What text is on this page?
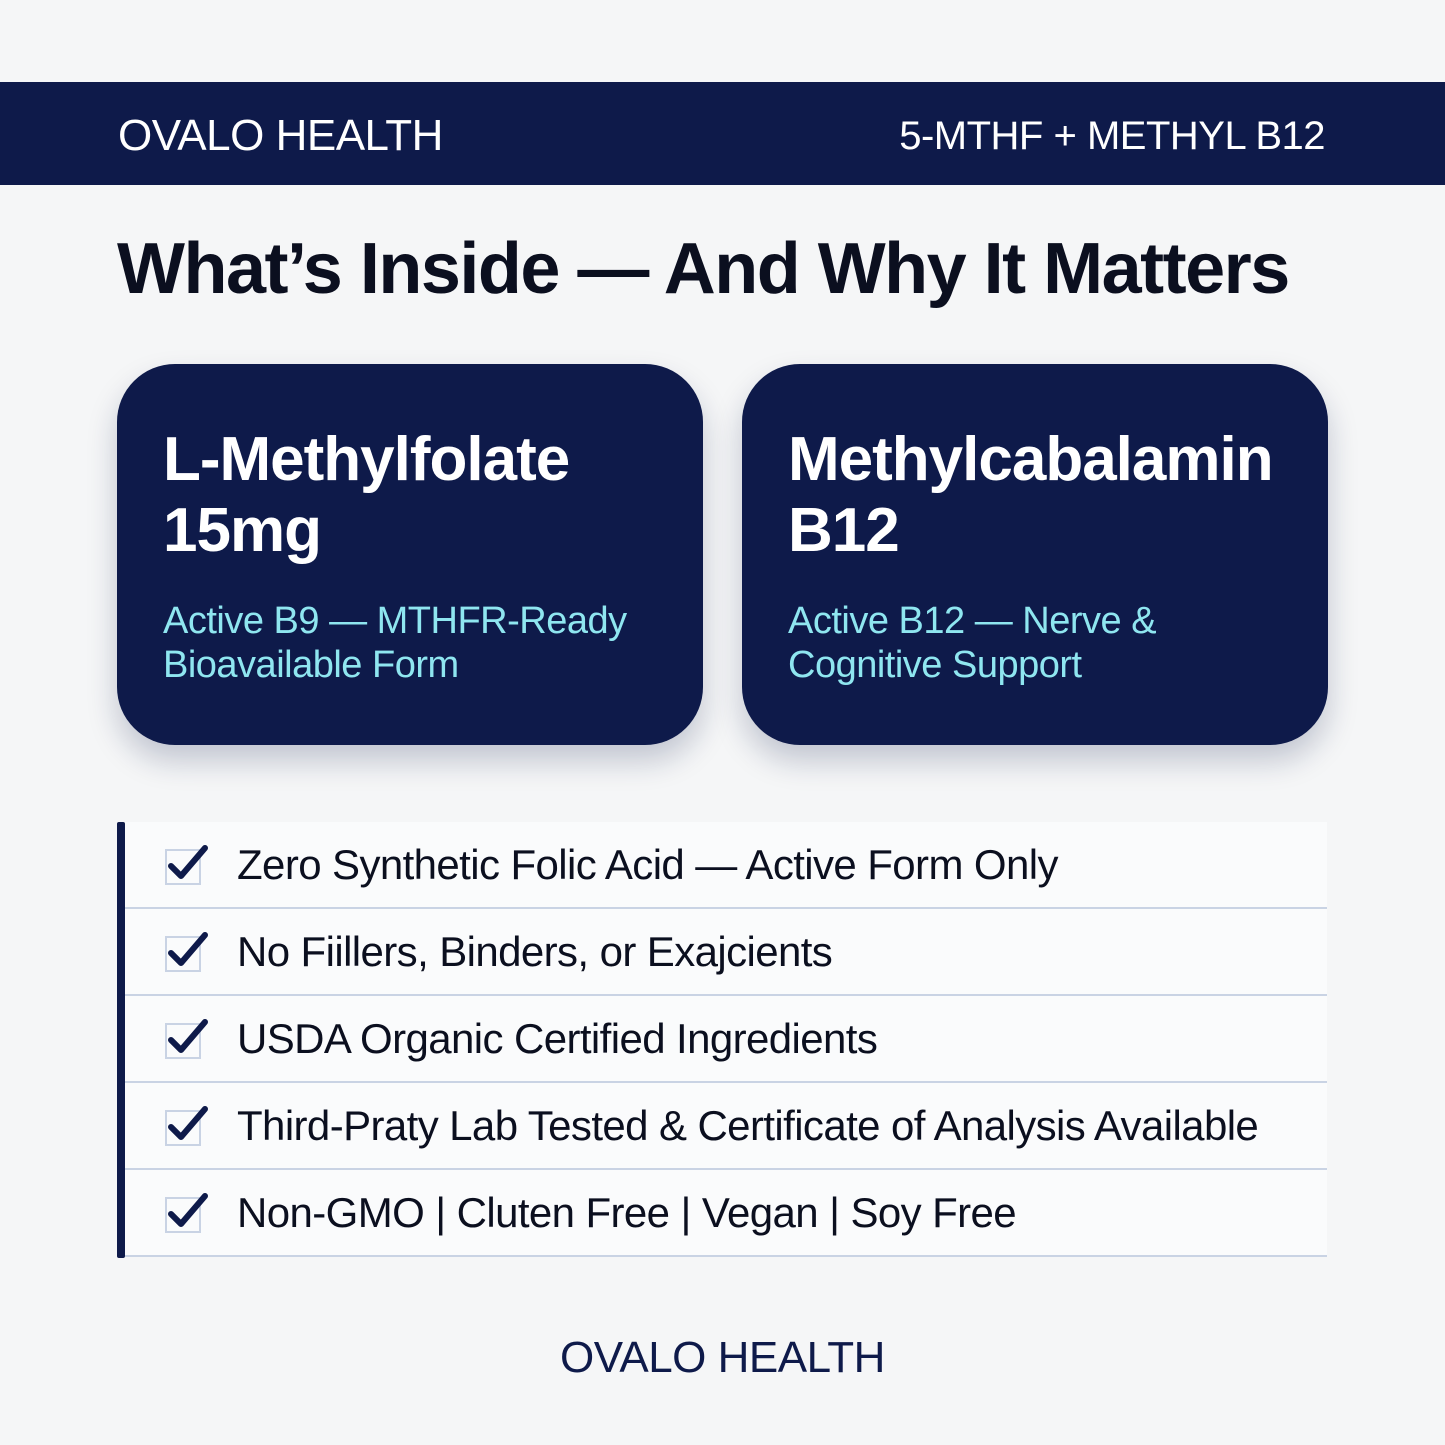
OVALO HEALTH	5-MTHF + METHYL B12
What’s Inside — And Why It Matters
L-Methylfolate
15mg
Active B9 — MTHFR-Ready
Bioavailable Form
Methylcabalamin
B12
Active B12 — Nerve &
Cognitive Support
Zero Synthetic Folic Acid — Active Form Only
No Fiillers, Binders, or Exajcients
USDA Organic Certified Ingredients
Third-Praty Lab Tested & Certificate of Analysis Available
Non-GMO | Cluten Free | Vegan | Soy Free
OVALO HEALTH
